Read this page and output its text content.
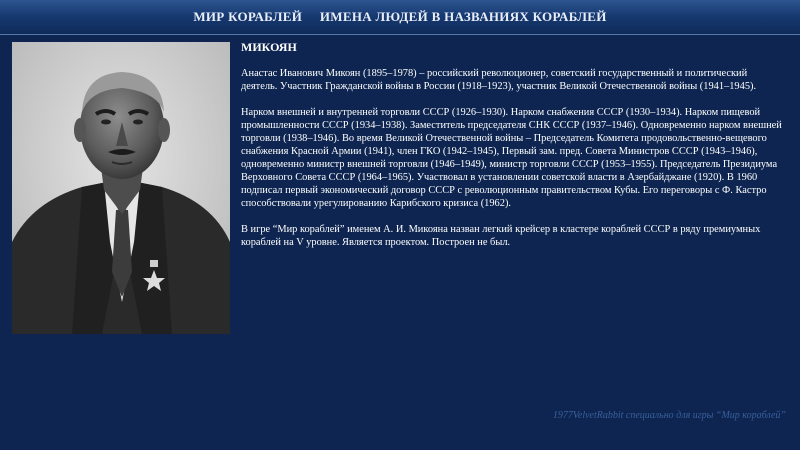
МИР КОРАБЛЕЙ ИМЕНА ЛЮДЕЙ В НАЗВАНИЯХ КОРАБЛЕЙ
МИКОЯН

Анастас Иванович Микоян (1895–1978) – российский революционер, советский государственный и политический деятель. Участник Гражданской войны в России (1918–1923), участник Великой Отечественной войны (1941–1945).

Нарком внешней и внутренней торговли СССР (1926–1930). Нарком снабжения СССР (1930–1934). Нарком пищевой промышленности СССР (1934–1938). Заместитель председателя СНК СССР (1937–1946). Одновременно нарком внешней торговли (1938–1946). Во время Великой Отечественной войны – Председатель Комитета продовольственно-вещевого снабжения Красной Армии (1941), член ГКО (1942–1945), Первый зам. пред. Совета Министров СССР (1943–1946), одновременно министр внешней торговли (1946–1949), министр торговли СССР (1953–1955). Председатель Президиума Верховного Совета СССР (1964–1965). Участвовал в установлении советской власти в Азербайджане (1920). В 1960 подписал первый экономический договор СССР с революционным правительством Кубы. Его переговоры с Ф. Кастро способствовали урегулированию Карибского кризиса (1962).

В игре “Мир кораблей” именем А. И. Микояна назван легкий крейсер в кластере кораблей СССР в ряду премиумных кораблей на V уровне. Является проектом. Построен не был.

1977VelvetRabbit специально для игры “Мир кораблей”
